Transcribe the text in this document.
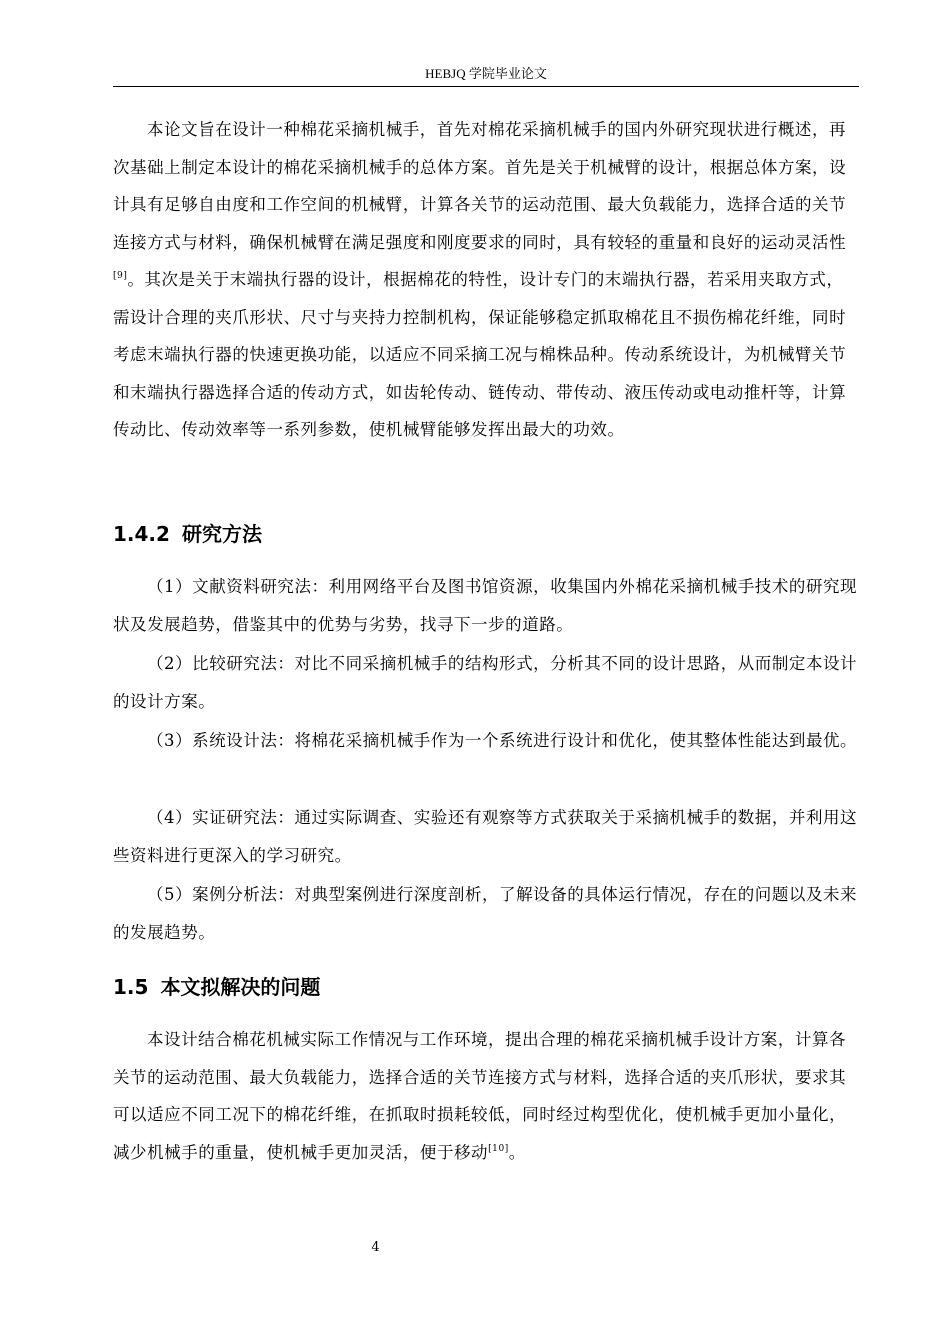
HEBJQ 学院毕业论文

本论文旨在设计一种棉花采摘机械手，首先对棉花采摘机械手的国内外研究现状进行概述，再次基础上制定本设计的棉花采摘机械手的总体方案。首先是关于机械臂的设计，根据总体方案，设计具有足够自由度和工作空间的机械臂，计算各关节的运动范围、最大负载能力，选择合适的关节连接方式与材料，确保机械臂在满足强度和刚度要求的同时，具有较轻的重量和良好的运动灵活性[9]。其次是关于末端执行器的设计，根据棉花的特性，设计专门的末端执行器，若采用夹取方式，需设计合理的夹爪形状、尺寸与夹持力控制机构，保证能够稳定抓取棉花且不损伤棉花纤维，同时考虑末端执行器的快速更换功能，以适应不同采摘工况与棉株品种。传动系统设计，为机械臂关节和末端执行器选择合适的传动方式，如齿轮传动、链传动、带传动、液压传动或电动推杆等，计算传动比、传动效率等一系列参数，使机械臂能够发挥出最大的功效。

1.4.2 研究方法

（1）文献资料研究法：利用网络平台及图书馆资源，收集国内外棉花采摘机械手技术的研究现状及发展趋势，借鉴其中的优势与劣势，找寻下一步的道路。

（2）比较研究法：对比不同采摘机械手的结构形式，分析其不同的设计思路，从而制定本设计的设计方案。

（3）系统设计法：将棉花采摘机械手作为一个系统进行设计和优化，使其整体性能达到最优。

（4）实证研究法：通过实际调查、实验还有观察等方式获取关于采摘机械手的数据，并利用这些资料进行更深入的学习研究。

（5）案例分析法：对典型案例进行深度剖析，了解设备的具体运行情况，存在的问题以及未来的发展趋势。

1.5 本文拟解决的问题

本设计结合棉花机械实际工作情况与工作环境，提出合理的棉花采摘机械手设计方案，计算各关节的运动范围、最大负载能力，选择合适的关节连接方式与材料，选择合适的夹爪形状，要求其可以适应不同工况下的棉花纤维，在抓取时损耗较低，同时经过构型优化，使机械手更加小量化，减少机械手的重量，使机械手更加灵活，便于移动[10]。

4
